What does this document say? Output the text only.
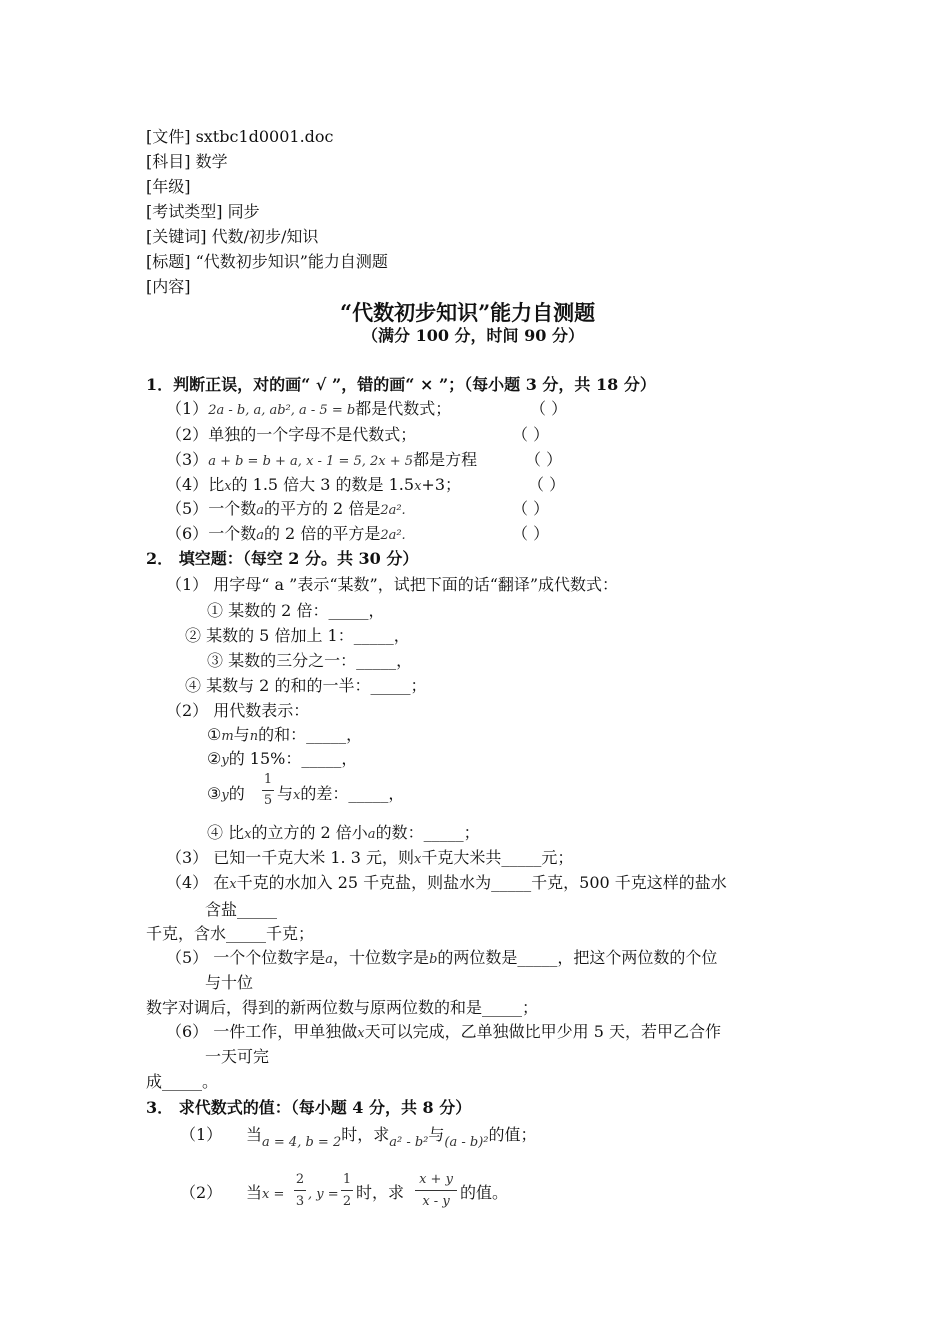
[文件] sxtbc1d0001.doc
[科目] 数学
[年级]
[考试类型] 同步
[关键词] 代数/初步/知识
[标题] “代数初步知识”能力自测题
[内容]
“代数初步知识”能力自测题
（满分 100 分，时间 90 分）
1．判断正误，对的画“ √ ”，错的画“ × ”；（每小题 3 分，共 18 分）
（1）2a - b, a, ab², a - 5 = b都是代数式；	（ ）
（2）单独的一个字母不是代数式；	（ ）
（3）a + b = b + a, x - 1 = 5, 2x + 5都是方程	（ ）
（4）比x的 1.5 倍大 3 的数是 1.5x+3；	（ ）
（5）一个数a的平方的 2 倍是2a².	（ ）
（6）一个数a的 2 倍的平方是2a².	（ ）
2． 填空题：（每空 2 分。共 30 分）
（1） 用字母“ a ”表示“某数”，试把下面的话“翻译”成代数式：
① 某数的 2 倍：_____，
② 某数的 5 倍加上 1：_____，
③ 某数的三分之一：_____，
④ 某数与 2 的和的一半：_____；
（2） 用代数表示：
①m与n的和：_____，
②y的 15%：_____，
③y的
1
5 与x的差：_____，
④ 比x的立方的 2 倍小a的数：_____；
（3） 已知一千克大米 1. 3 元，则x千克大米共_____元；
（4） 在x千克的水加入 25 千克盐，则盐水为_____千克，500 千克这样的盐水
含盐_____
千克，含水_____千克；
（5） 一个个位数字是a，十位数字是b的两位数是_____，把这个两位数的个位
与十位
数字对调后，得到的新两位数与原两位数的和是_____；
（6） 一件工作，甲单独做x天可以完成，乙单独做比甲少用 5 天，若甲乙合作
一天可完
成_____。
3． 求代数式的值：（每小题 4 分，共 8 分）
（1） 当$_{a = 4, b = 2}$时，求$_{a^2 - b^2}$与$_{(a - b)^2}$的值；
（2） 当x =
2
3 , y =
1
2 时，求
x + y
x - y 的值。
